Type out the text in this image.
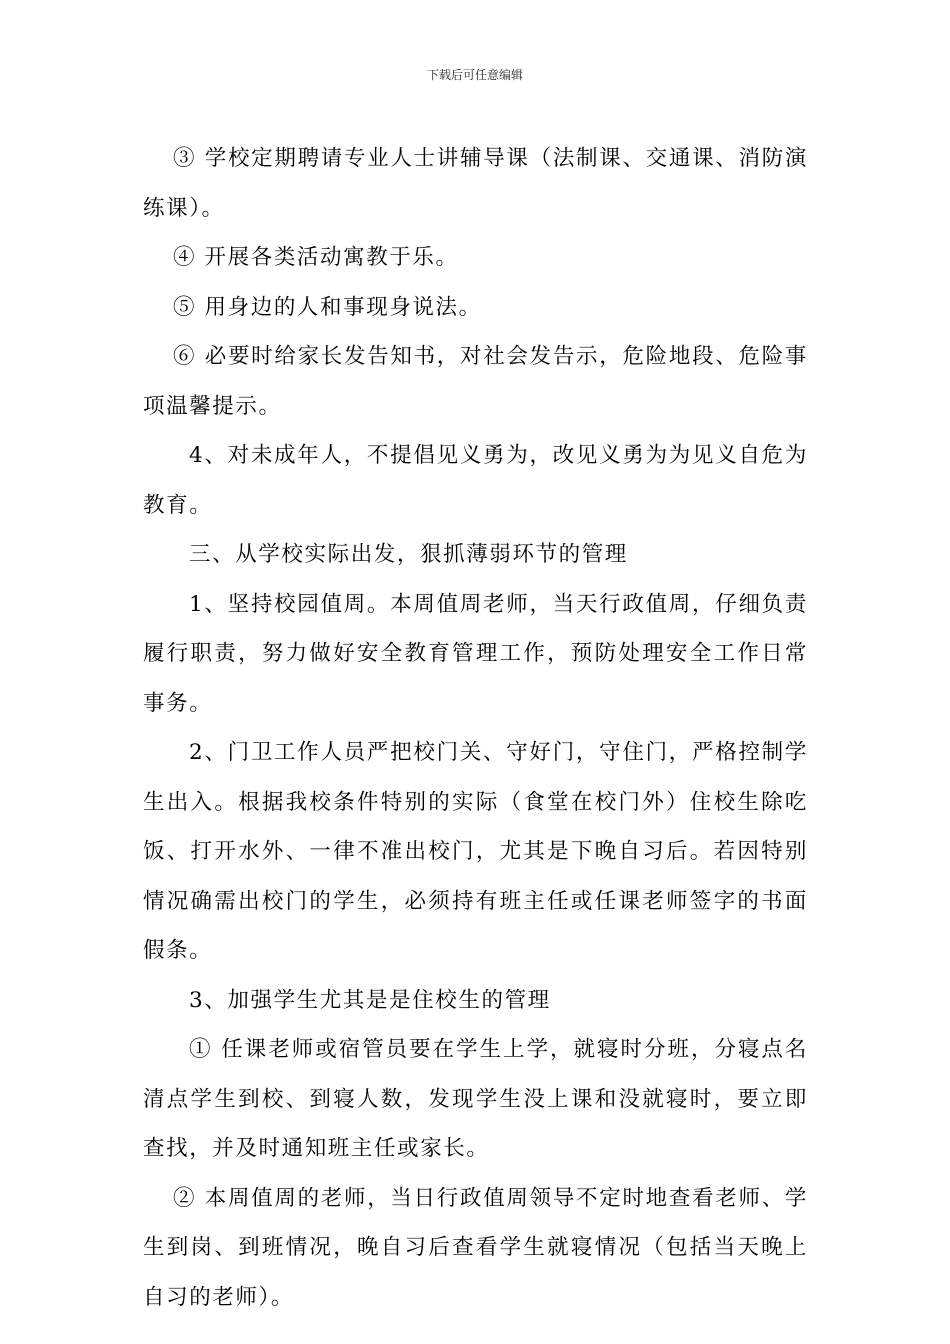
下载后可任意编辑

③ 学校定期聘请专业人士讲辅导课（法制课、交通课、消防演练课）。

④ 开展各类活动寓教于乐。

⑤ 用身边的人和事现身说法。

⑥ 必要时给家长发告知书，对社会发告示，危险地段、危险事项温馨提示。

4、对未成年人，不提倡见义勇为，改见义勇为为见义自危为教育。

三、从学校实际出发，狠抓薄弱环节的管理

1、坚持校园值周。本周值周老师，当天行政值周，仔细负责履行职责，努力做好安全教育管理工作，预防处理安全工作日常事务。

2、门卫工作人员严把校门关、守好门，守住门，严格控制学生出入。根据我校条件特别的实际（食堂在校门外）住校生除吃饭、打开水外、一律不准出校门，尤其是下晚自习后。若因特别情况确需出校门的学生，必须持有班主任或任课老师签字的书面假条。

3、加强学生尤其是是住校生的管理

① 任课老师或宿管员要在学生上学，就寝时分班，分寝点名清点学生到校、到寝人数，发现学生没上课和没就寝时，要立即查找，并及时通知班主任或家长。

② 本周值周的老师，当日行政值周领导不定时地查看老师、学生到岗、到班情况，晚自习后查看学生就寝情况（包括当天晚上自习的老师）。
